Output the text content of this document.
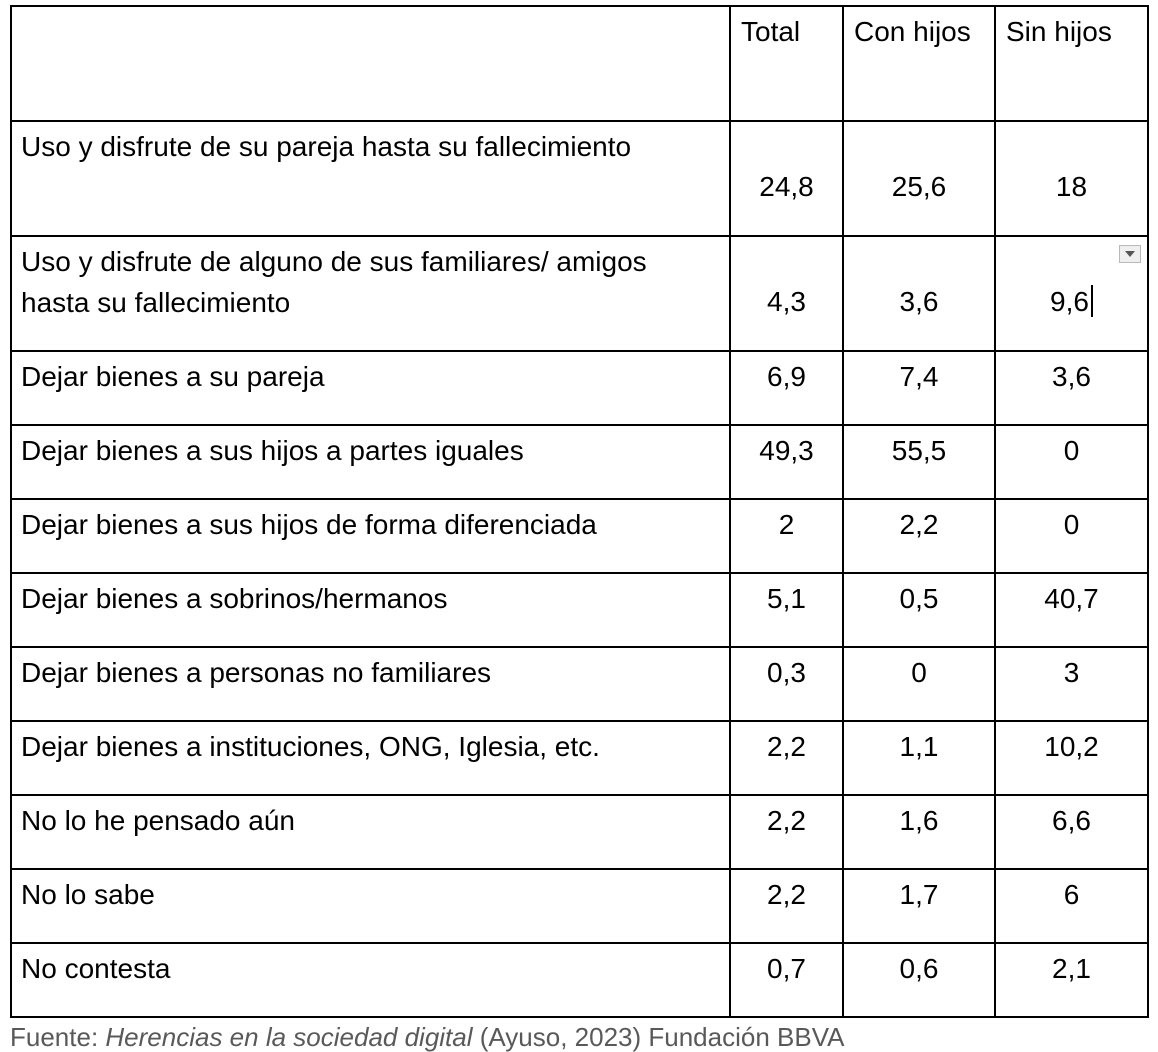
	Total	Con hijos	Sin hijos
Uso y disfrute de su pareja hasta su fallecimiento	24,8	25,6	18
Uso y disfrute de alguno de sus familiares/ amigos hasta su fallecimiento	4,3	3,6	9,6
Dejar bienes a su pareja	6,9	7,4	3,6
Dejar bienes a sus hijos a partes iguales	49,3	55,5	0
Dejar bienes a sus hijos de forma diferenciada	2	2,2	0
Dejar bienes a sobrinos/hermanos	5,1	0,5	40,7
Dejar bienes a personas no familiares	0,3	0	3
Dejar bienes a instituciones, ONG, Iglesia, etc.	2,2	1,1	10,2
No lo he pensado aún	2,2	1,6	6,6
No lo sabe	2,2	1,7	6
No contesta	0,7	0,6	2,1
Fuente: Herencias en la sociedad digital (Ayuso, 2023) Fundación BBVA
